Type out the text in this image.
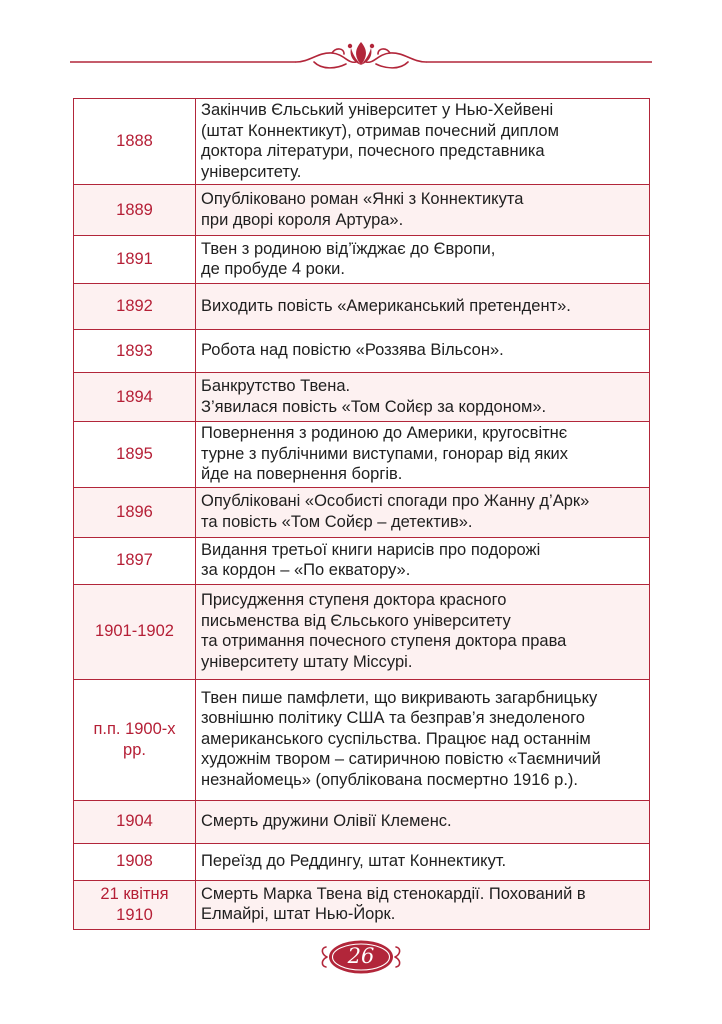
1888	Закінчив Єльський університет у Нью-Хейвені
(штат Коннектикут), отримав почесний диплом
доктора літератури, почесного представника
університету.
1889	Опубліковано роман «Янкі з Коннектикута
при дворі короля Артура».
1891	Твен з родиною від’їжджає до Європи,
де пробуде 4 роки.
1892	Виходить повість «Американський претендент».
1893	Робота над повістю «Роззява Вільсон».
1894	Банкрутство Твена.
З’явилася повість «Том Сойєр за кордоном».
1895	Повернення з родиною до Америки, кругосвітнє
турне з публічними виступами, гонорар від яких
йде на повернення боргів.
1896	Опубліковані «Особисті спогади про Жанну д’Арк»
та повість «Том Сойєр – детектив».
1897	Видання третьої книги нарисів про подорожі
за кордон – «По екватору».
1901-1902	Присудження ступеня доктора красного
письменства від Єльського університету
та отримання почесного ступеня доктора права
університету штату Міссурі.
п.п. 1900-х рр.	Твен пише памфлети, що викривають загарбницьку
зовнішню політику США та безправ’я знедоленого
американського суспільства. Працює над останнім
художнім твором – сатиричною повістю «Таємничий
незнайомець» (опублікована посмертно 1916 р.).
1904	Смерть дружини Олівії Клеменс.
1908	Переїзд до Реддингу, штат Коннектикут.
21 квітня 1910	Смерть Марка Твена від стенокардії. Похований в
Елмайрі, штат Нью-Йорк.
26
